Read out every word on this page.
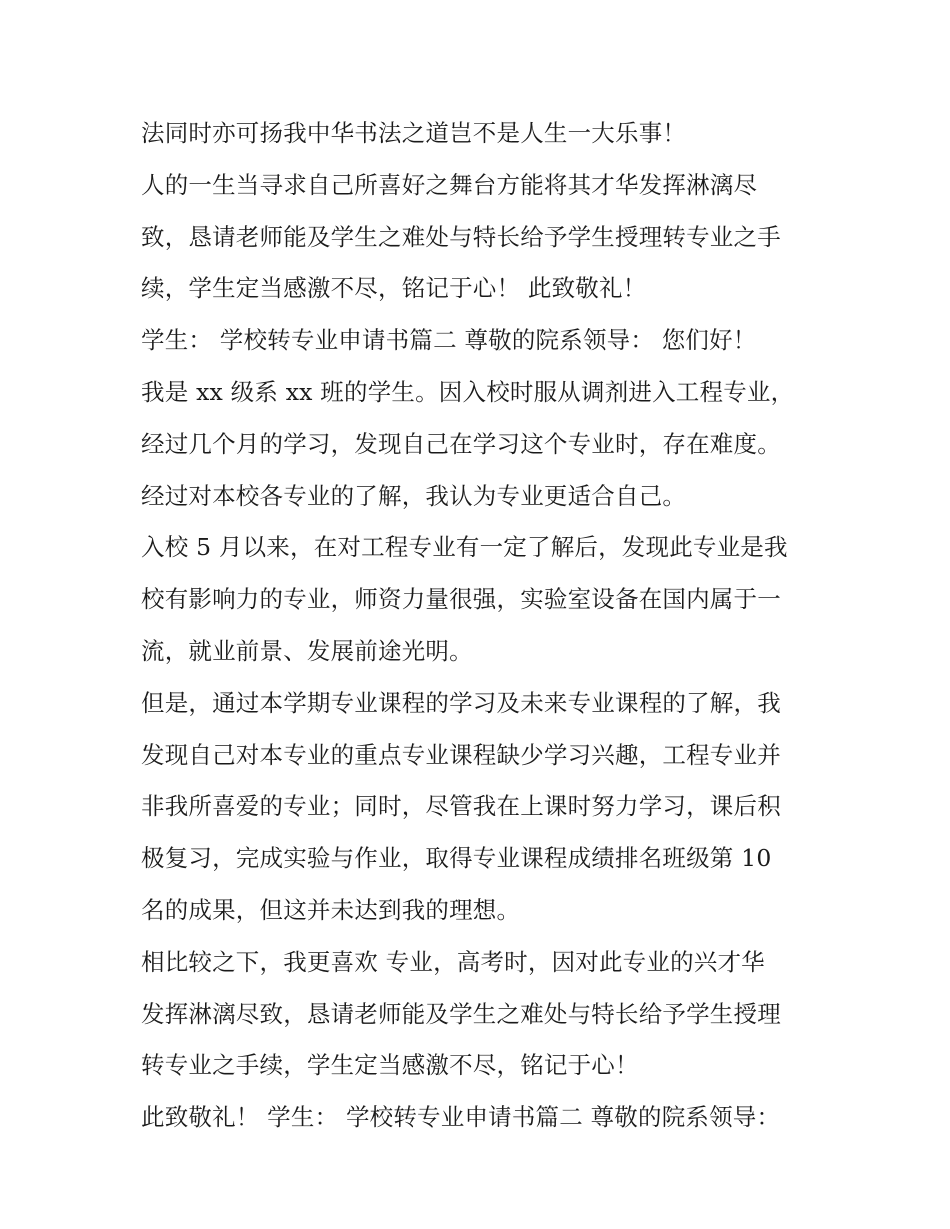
法同时亦可扬我中华书法之道岂不是人生一大乐事！
人的一生当寻求自己所喜好之舞台方能将其才华发挥淋漓尽
致，恳请老师能及学生之难处与特长给予学生授理转专业之手
续，学生定当感激不尽，铭记于心！ 此致敬礼！
学生： 学校转专业申请书篇二 尊敬的院系领导： 您们好！
我是 xx 级系 xx 班的学生。因入校时服从调剂进入工程专业，
经过几个月的学习，发现自己在学习这个专业时，存在难度。
经过对本校各专业的了解，我认为专业更适合自己。
入校 5 月以来，在对工程专业有一定了解后，发现此专业是我
校有影响力的专业，师资力量很强，实验室设备在国内属于一
流，就业前景、发展前途光明。
但是，通过本学期专业课程的学习及未来专业课程的了解，我
发现自己对本专业的重点专业课程缺少学习兴趣，工程专业并
非我所喜爱的专业；同时，尽管我在上课时努力学习，课后积
极复习，完成实验与作业，取得专业课程成绩排名班级第 10
名的成果，但这并未达到我的理想。
相比较之下，我更喜欢 专业，高考时，因对此专业的兴才华
发挥淋漓尽致，恳请老师能及学生之难处与特长给予学生授理
转专业之手续，学生定当感激不尽，铭记于心！
此致敬礼！ 学生： 学校转专业申请书篇二 尊敬的院系领导：
